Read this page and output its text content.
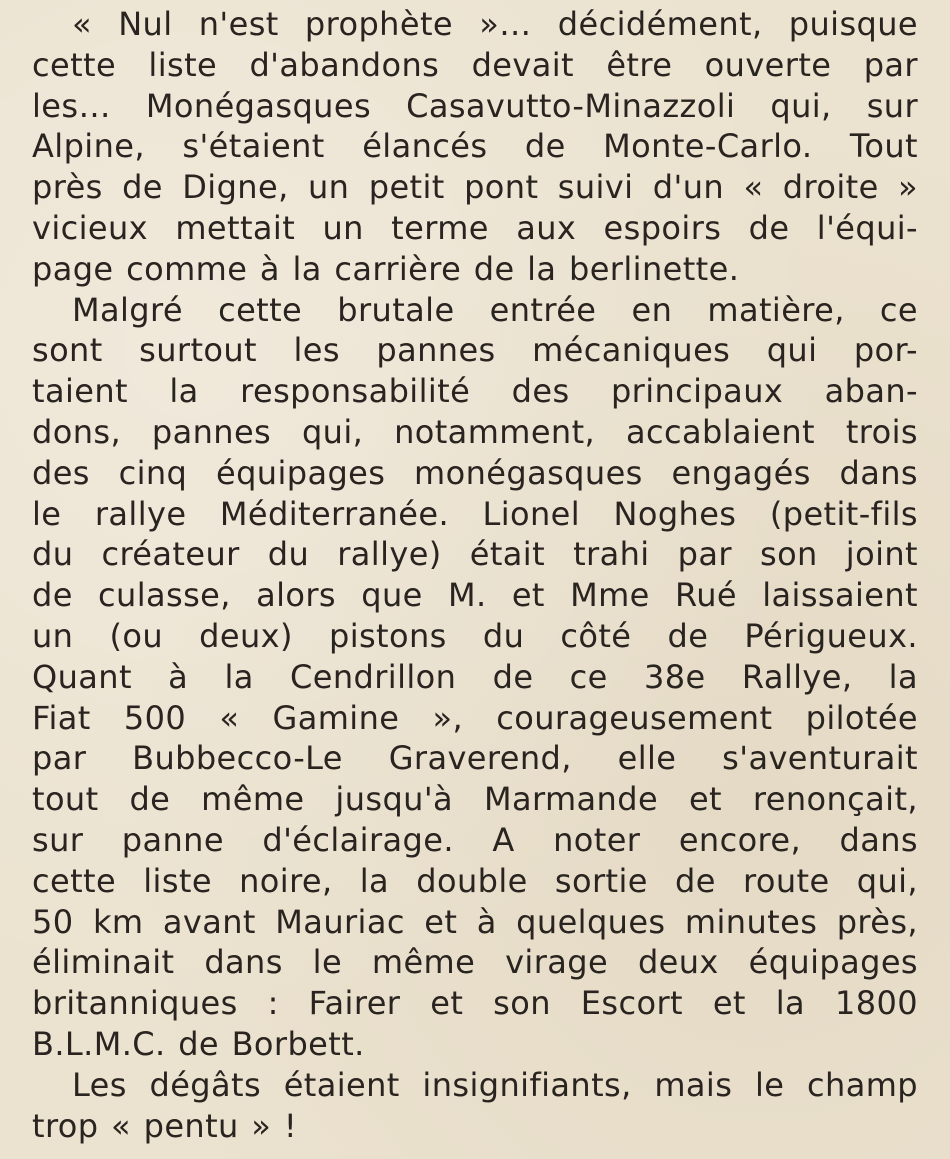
« Nul n'est prophète »… décidément, puisque
cette liste d'abandons devait être ouverte par
les… Monégasques Casavutto-Minazzoli qui, sur
Alpine, s'étaient élancés de Monte-Carlo. Tout
près de Digne, un petit pont suivi d'un « droite »
vicieux mettait un terme aux espoirs de l'équi-
page comme à la carrière de la berlinette.

Malgré cette brutale entrée en matière, ce
sont surtout les pannes mécaniques qui por-
taient la responsabilité des principaux aban-
dons, pannes qui, notamment, accablaient trois
des cinq équipages monégasques engagés dans
le rallye Méditerranée. Lionel Noghes (petit-fils
du créateur du rallye) était trahi par son joint
de culasse, alors que M. et Mme Rué laissaient
un (ou deux) pistons du côté de Périgueux.
Quant à la Cendrillon de ce 38e Rallye, la
Fiat 500 « Gamine », courageusement pilotée
par Bubbecco-Le Graverend, elle s'aventurait
tout de même jusqu'à Marmande et renonçait,
sur panne d'éclairage. A noter encore, dans
cette liste noire, la double sortie de route qui,
50 km avant Mauriac et à quelques minutes près,
éliminait dans le même virage deux équipages
britanniques : Fairer et son Escort et la 1800
B.L.M.C. de Borbett.

Les dégâts étaient insignifiants, mais le champ
trop « pentu » !
